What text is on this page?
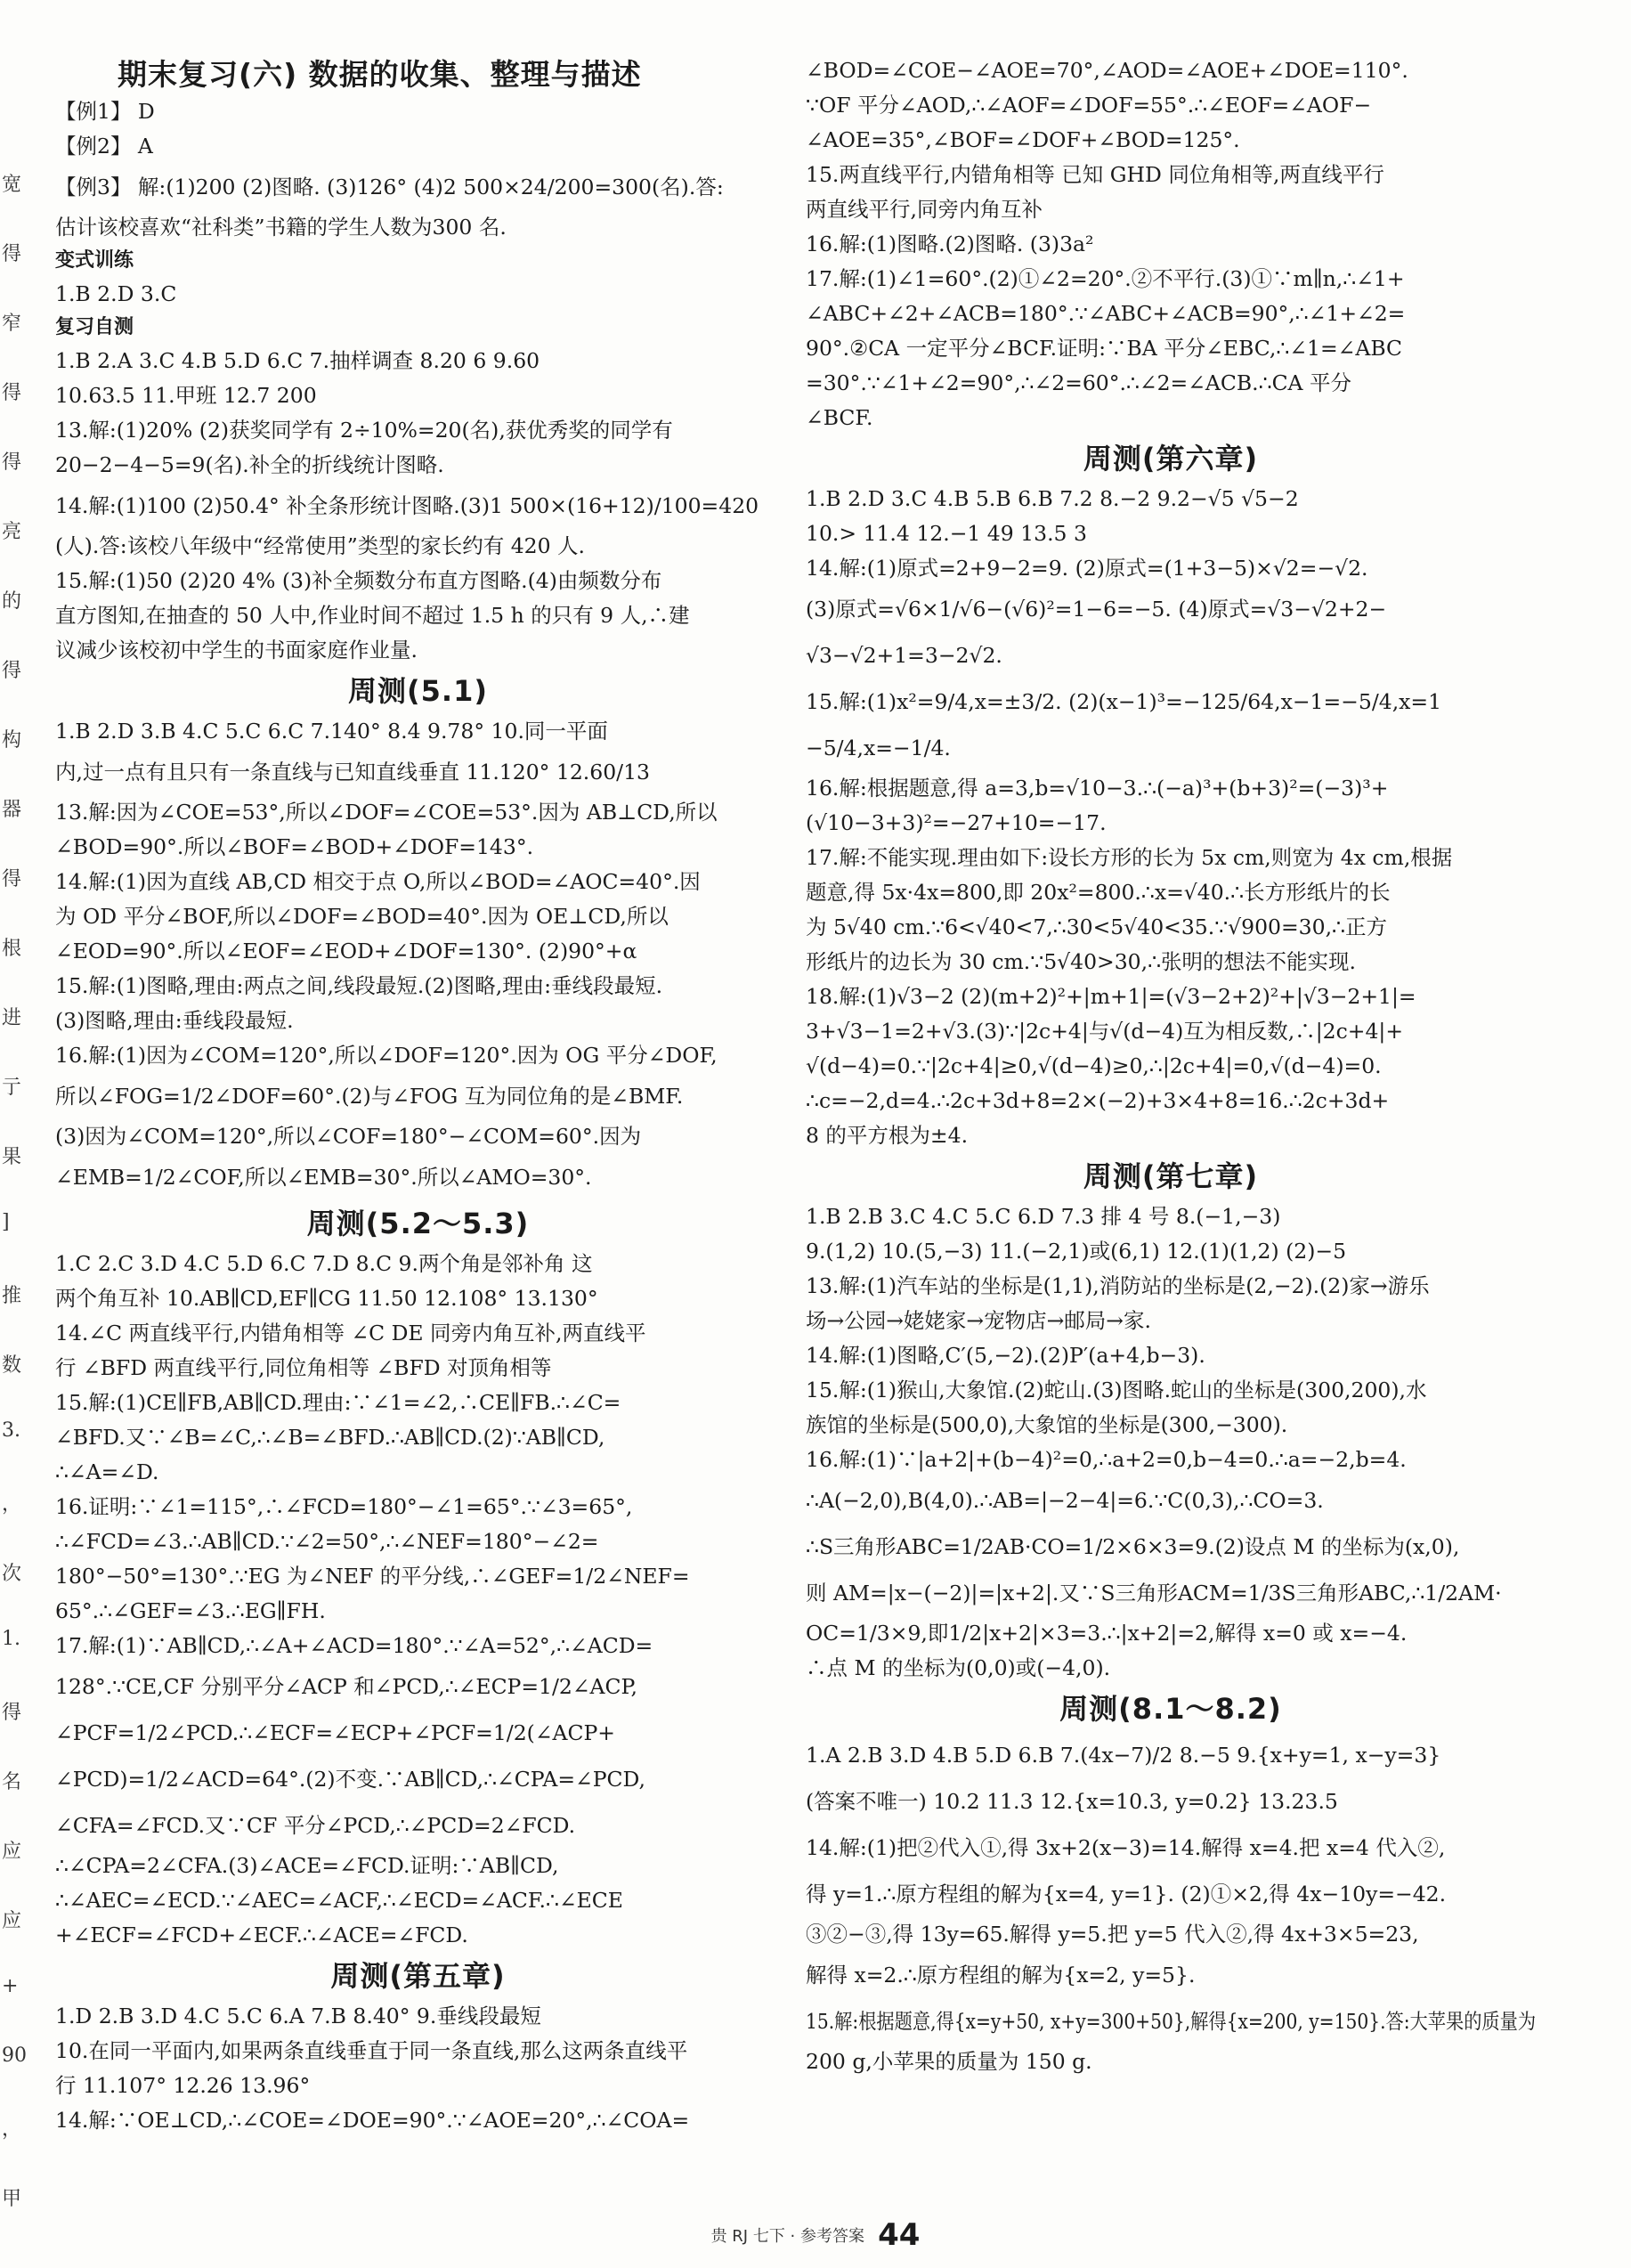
宽
得
窄
得
得
亮
的
得
构
器
得
根
进
亍
果
]
推
数
3.
，
次
1.
得
名
应
应
+
90
，
甲
期末复习(六) 数据的收集、整理与描述
【例1】 D
【例2】 A
【例3】 解:(1)200 (2)图略. (3)126° (4)2 500×24/200=300(名).答:
估计该校喜欢“社科类”书籍的学生人数为300 名.
变式训练
1.B 2.D 3.C
复习自测
1.B 2.A 3.C 4.B 5.D 6.C 7.抽样调查 8.20 6 9.60
10.63.5 11.甲班 12.7 200
13.解:(1)20% (2)获奖同学有 2÷10%=20(名),获优秀奖的同学有
20−2−4−5=9(名).补全的折线统计图略.
14.解:(1)100 (2)50.4° 补全条形统计图略.(3)1 500×(16+12)/100=420
(人).答:该校八年级中“经常使用”类型的家长约有 420 人.
15.解:(1)50 (2)20 4% (3)补全频数分布直方图略.(4)由频数分布
直方图知,在抽查的 50 人中,作业时间不超过 1.5 h 的只有 9 人,∴建
议减少该校初中学生的书面家庭作业量.
周测(5.1)
1.B 2.D 3.B 4.C 5.C 6.C 7.140° 8.4 9.78° 10.同一平面
内,过一点有且只有一条直线与已知直线垂直 11.120° 12.60/13
13.解:因为∠COE=53°,所以∠DOF=∠COE=53°.因为 AB⊥CD,所以
∠BOD=90°.所以∠BOF=∠BOD+∠DOF=143°.
14.解:(1)因为直线 AB,CD 相交于点 O,所以∠BOD=∠AOC=40°.因
为 OD 平分∠BOF,所以∠DOF=∠BOD=40°.因为 OE⊥CD,所以
∠EOD=90°.所以∠EOF=∠EOD+∠DOF=130°. (2)90°+α
15.解:(1)图略,理由:两点之间,线段最短.(2)图略,理由:垂线段最短.
(3)图略,理由:垂线段最短.
16.解:(1)因为∠COM=120°,所以∠DOF=120°.因为 OG 平分∠DOF,
所以∠FOG=1/2∠DOF=60°.(2)与∠FOG 互为同位角的是∠BMF.
(3)因为∠COM=120°,所以∠COF=180°−∠COM=60°.因为
∠EMB=1/2∠COF,所以∠EMB=30°.所以∠AMO=30°.
周测(5.2～5.3)
1.C 2.C 3.D 4.C 5.D 6.C 7.D 8.C 9.两个角是邻补角 这
两个角互补 10.AB∥CD,EF∥CG 11.50 12.108° 13.130°
14.∠C 两直线平行,内错角相等 ∠C DE 同旁内角互补,两直线平
行 ∠BFD 两直线平行,同位角相等 ∠BFD 对顶角相等
15.解:(1)CE∥FB,AB∥CD.理由:∵∠1=∠2,∴CE∥FB.∴∠C=
∠BFD.又∵∠B=∠C,∴∠B=∠BFD.∴AB∥CD.(2)∵AB∥CD,
∴∠A=∠D.
16.证明:∵∠1=115°,∴∠FCD=180°−∠1=65°.∵∠3=65°,
∴∠FCD=∠3.∴AB∥CD.∵∠2=50°,∴∠NEF=180°−∠2=
180°−50°=130°.∵EG 为∠NEF 的平分线,∴∠GEF=1/2∠NEF=
65°.∴∠GEF=∠3.∴EG∥FH.
17.解:(1)∵AB∥CD,∴∠A+∠ACD=180°.∵∠A=52°,∴∠ACD=
128°.∵CE,CF 分别平分∠ACP 和∠PCD,∴∠ECP=1/2∠ACP,
∠PCF=1/2∠PCD.∴∠ECF=∠ECP+∠PCF=1/2(∠ACP+
∠PCD)=1/2∠ACD=64°.(2)不变.∵AB∥CD,∴∠CPA=∠PCD,
∠CFA=∠FCD.又∵CF 平分∠PCD,∴∠PCD=2∠FCD.
∴∠CPA=2∠CFA.(3)∠ACE=∠FCD.证明:∵AB∥CD,
∴∠AEC=∠ECD.∵∠AEC=∠ACF,∴∠ECD=∠ACF.∴∠ECE
+∠ECF=∠FCD+∠ECF.∴∠ACE=∠FCD.
周测(第五章)
1.D 2.B 3.D 4.C 5.C 6.A 7.B 8.40° 9.垂线段最短
10.在同一平面内,如果两条直线垂直于同一条直线,那么这两条直线平
行 11.107° 12.26 13.96°
14.解:∵OE⊥CD,∴∠COE=∠DOE=90°.∵∠AOE=20°,∴∠COA=
∠BOD=∠COE−∠AOE=70°,∠AOD=∠AOE+∠DOE=110°.
∵OF 平分∠AOD,∴∠AOF=∠DOF=55°.∴∠EOF=∠AOF−
∠AOE=35°,∠BOF=∠DOF+∠BOD=125°.
15.两直线平行,内错角相等 已知 GHD 同位角相等,两直线平行
两直线平行,同旁内角互补
16.解:(1)图略.(2)图略. (3)3a²
17.解:(1)∠1=60°.(2)①∠2=20°.②不平行.(3)①∵m∥n,∴∠1+
∠ABC+∠2+∠ACB=180°.∵∠ABC+∠ACB=90°,∴∠1+∠2=
90°.②CA 一定平分∠BCF.证明:∵BA 平分∠EBC,∴∠1=∠ABC
=30°.∵∠1+∠2=90°,∴∠2=60°.∴∠2=∠ACB.∴CA 平分
∠BCF.
周测(第六章)
1.B 2.D 3.C 4.B 5.B 6.B 7.2 8.−2 9.2−√5 √5−2
10.> 11.4 12.−1 49 13.5 3
14.解:(1)原式=2+9−2=9. (2)原式=(1+3−5)×√2=−√2.
(3)原式=√6×1/√6−(√6)²=1−6=−5. (4)原式=√3−√2+2−
√3−√2+1=3−2√2.
15.解:(1)x²=9/4,x=±3/2. (2)(x−1)³=−125/64,x−1=−5/4,x=1
−5/4,x=−1/4.
16.解:根据题意,得 a=3,b=√10−3.∴(−a)³+(b+3)²=(−3)³+
(√10−3+3)²=−27+10=−17.
17.解:不能实现.理由如下:设长方形的长为 5x cm,则宽为 4x cm,根据
题意,得 5x·4x=800,即 20x²=800.∴x=√40.∴长方形纸片的长
为 5√40 cm.∵6<√40<7,∴30<5√40<35.∵√900=30,∴正方
形纸片的边长为 30 cm.∵5√40>30,∴张明的想法不能实现.
18.解:(1)√3−2 (2)(m+2)²+|m+1|=(√3−2+2)²+|√3−2+1|=
3+√3−1=2+√3.(3)∵|2c+4|与√(d−4)互为相反数,∴|2c+4|+
√(d−4)=0.∵|2c+4|≥0,√(d−4)≥0,∴|2c+4|=0,√(d−4)=0.
∴c=−2,d=4.∴2c+3d+8=2×(−2)+3×4+8=16.∴2c+3d+
8 的平方根为±4.
周测(第七章)
1.B 2.B 3.C 4.C 5.C 6.D 7.3 排 4 号 8.(−1,−3)
9.(1,2) 10.(5,−3) 11.(−2,1)或(6,1) 12.(1)(1,2) (2)−5
13.解:(1)汽车站的坐标是(1,1),消防站的坐标是(2,−2).(2)家→游乐
场→公园→姥姥家→宠物店→邮局→家.
14.解:(1)图略,C′(5,−2).(2)P′(a+4,b−3).
15.解:(1)猴山,大象馆.(2)蛇山.(3)图略.蛇山的坐标是(300,200),水
族馆的坐标是(500,0),大象馆的坐标是(300,−300).
16.解:(1)∵|a+2|+(b−4)²=0,∴a+2=0,b−4=0.∴a=−2,b=4.
∴A(−2,0),B(4,0).∴AB=|−2−4|=6.∵C(0,3),∴CO=3.
∴S三角形ABC=1/2AB·CO=1/2×6×3=9.(2)设点 M 的坐标为(x,0),
则 AM=|x−(−2)|=|x+2|.又∵S三角形ACM=1/3S三角形ABC,∴1/2AM·
OC=1/3×9,即1/2|x+2|×3=3.∴|x+2|=2,解得 x=0 或 x=−4.
∴点 M 的坐标为(0,0)或(−4,0).
周测(8.1～8.2)
1.A 2.B 3.D 4.B 5.D 6.B 7.(4x−7)/2 8.−5 9.{x+y=1, x−y=3}
(答案不唯一) 10.2 11.3 12.{x=10.3, y=0.2} 13.23.5
14.解:(1)把②代入①,得 3x+2(x−3)=14.解得 x=4.把 x=4 代入②,
得 y=1.∴原方程组的解为{x=4, y=1}. (2)①×2,得 4x−10y=−42.
③②−③,得 13y=65.解得 y=5.把 y=5 代入②,得 4x+3×5=23,
解得 x=2.∴原方程组的解为{x=2, y=5}.
15.解:根据题意,得{x=y+50, x+y=300+50},解得{x=200, y=150}.答:大苹果的质量为
200 g,小苹果的质量为 150 g.
贵 RJ 七下 · 参考答案 44
